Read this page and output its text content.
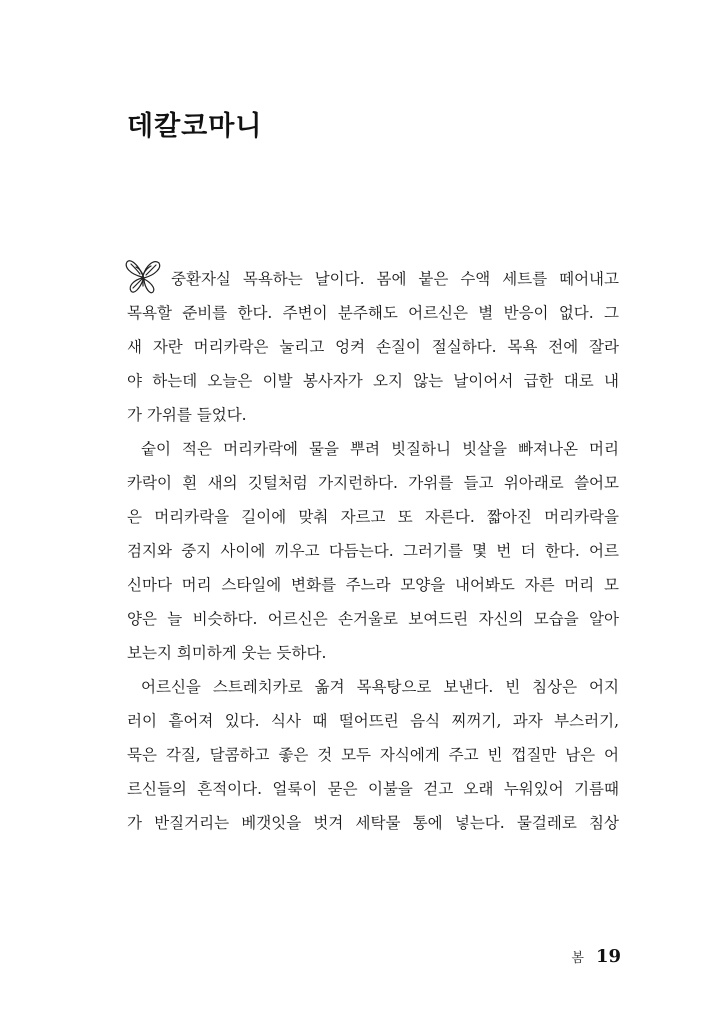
데칼코마니
중환자실 목욕하는 날이다. 몸에 붙은 수액 세트를 떼어내고
목욕할 준비를 한다. 주변이 분주해도 어르신은 별 반응이 없다. 그
새 자란 머리카락은 눌리고 엉켜 손질이 절실하다. 목욕 전에 잘라
야 하는데 오늘은 이발 봉사자가 오지 않는 날이어서 급한 대로 내
가 가위를 들었다.
숱이 적은 머리카락에 물을 뿌려 빗질하니 빗살을 빠져나온 머리
카락이 흰 새의 깃털처럼 가지런하다. 가위를 들고 위아래로 쓸어모
은 머리카락을 길이에 맞춰 자르고 또 자른다. 짧아진 머리카락을
검지와 중지 사이에 끼우고 다듬는다. 그러기를 몇 번 더 한다. 어르
신마다 머리 스타일에 변화를 주느라 모양을 내어봐도 자른 머리 모
양은 늘 비슷하다. 어르신은 손거울로 보여드린 자신의 모습을 알아
보는지 희미하게 웃는 듯하다.
어르신을 스트레치카로 옮겨 목욕탕으로 보낸다. 빈 침상은 어지
러이 흩어져 있다. 식사 때 떨어뜨린 음식 찌꺼기, 과자 부스러기,
묵은 각질, 달콤하고 좋은 것 모두 자식에게 주고 빈 껍질만 남은 어
르신들의 흔적이다. 얼룩이 묻은 이불을 걷고 오래 누워있어 기름때
가 반질거리는 베갯잇을 벗겨 세탁물 통에 넣는다. 물걸레로 침상
봄 19
